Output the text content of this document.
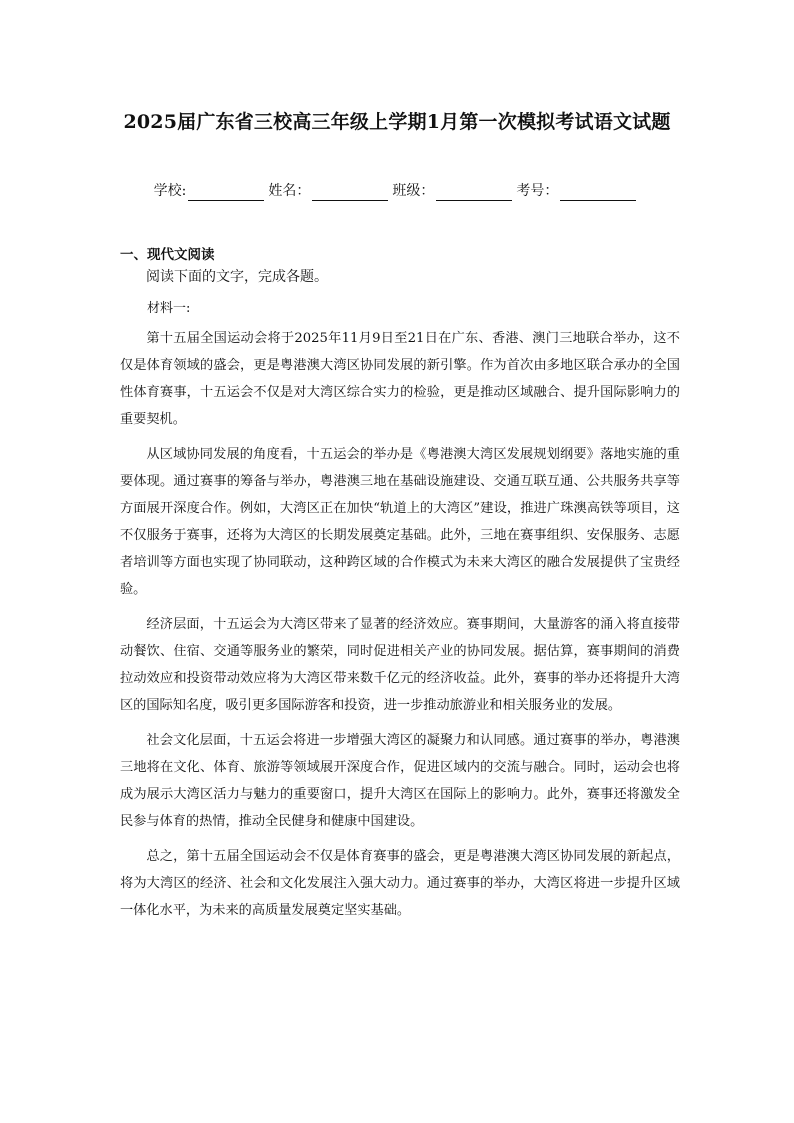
2025届广东省三校高三年级上学期1月第一次模拟考试语文试题
学校:	姓名：	班级：	考号：
一、现代文阅读
阅读下面的文字，完成各题。
材料一:

第十五届全国运动会将于2025年11月9日至21日在广东、香港、澳门三地联合举办，这不仅是体育领域的盛会，更是粤港澳大湾区协同发展的新引擎。作为首次由多地区联合承办的全国性体育赛事，十五运会不仅是对大湾区综合实力的检验，更是推动区域融合、提升国际影响力的重要契机。

从区域协同发展的角度看，十五运会的举办是《粤港澳大湾区发展规划纲要》落地实施的重要体现。通过赛事的筹备与举办，粤港澳三地在基础设施建设、交通互联互通、公共服务共享等方面展开深度合作。例如，大湾区正在加快“轨道上的大湾区”建设，推进广珠澳高铁等项目，这不仅服务于赛事，还将为大湾区的长期发展奠定基础。此外，三地在赛事组织、安保服务、志愿者培训等方面也实现了协同联动，这种跨区域的合作模式为未来大湾区的融合发展提供了宝贵经验。

经济层面，十五运会为大湾区带来了显著的经济效应。赛事期间，大量游客的涌入将直接带动餐饮、住宿、交通等服务业的繁荣，同时促进相关产业的协同发展。据估算，赛事期间的消费拉动效应和投资带动效应将为大湾区带来数千亿元的经济收益。此外，赛事的举办还将提升大湾区的国际知名度，吸引更多国际游客和投资，进一步推动旅游业和相关服务业的发展。

社会文化层面，十五运会将进一步增强大湾区的凝聚力和认同感。通过赛事的举办，粤港澳三地将在文化、体育、旅游等领域展开深度合作，促进区域内的交流与融合。同时，运动会也将成为展示大湾区活力与魅力的重要窗口，提升大湾区在国际上的影响力。此外，赛事还将激发全民参与体育的热情，推动全民健身和健康中国建设。

总之，第十五届全国运动会不仅是体育赛事的盛会，更是粤港澳大湾区协同发展的新起点，将为大湾区的经济、社会和文化发展注入强大动力。通过赛事的举办，大湾区将进一步提升区域一体化水平，为未来的高质量发展奠定坚实基础。
